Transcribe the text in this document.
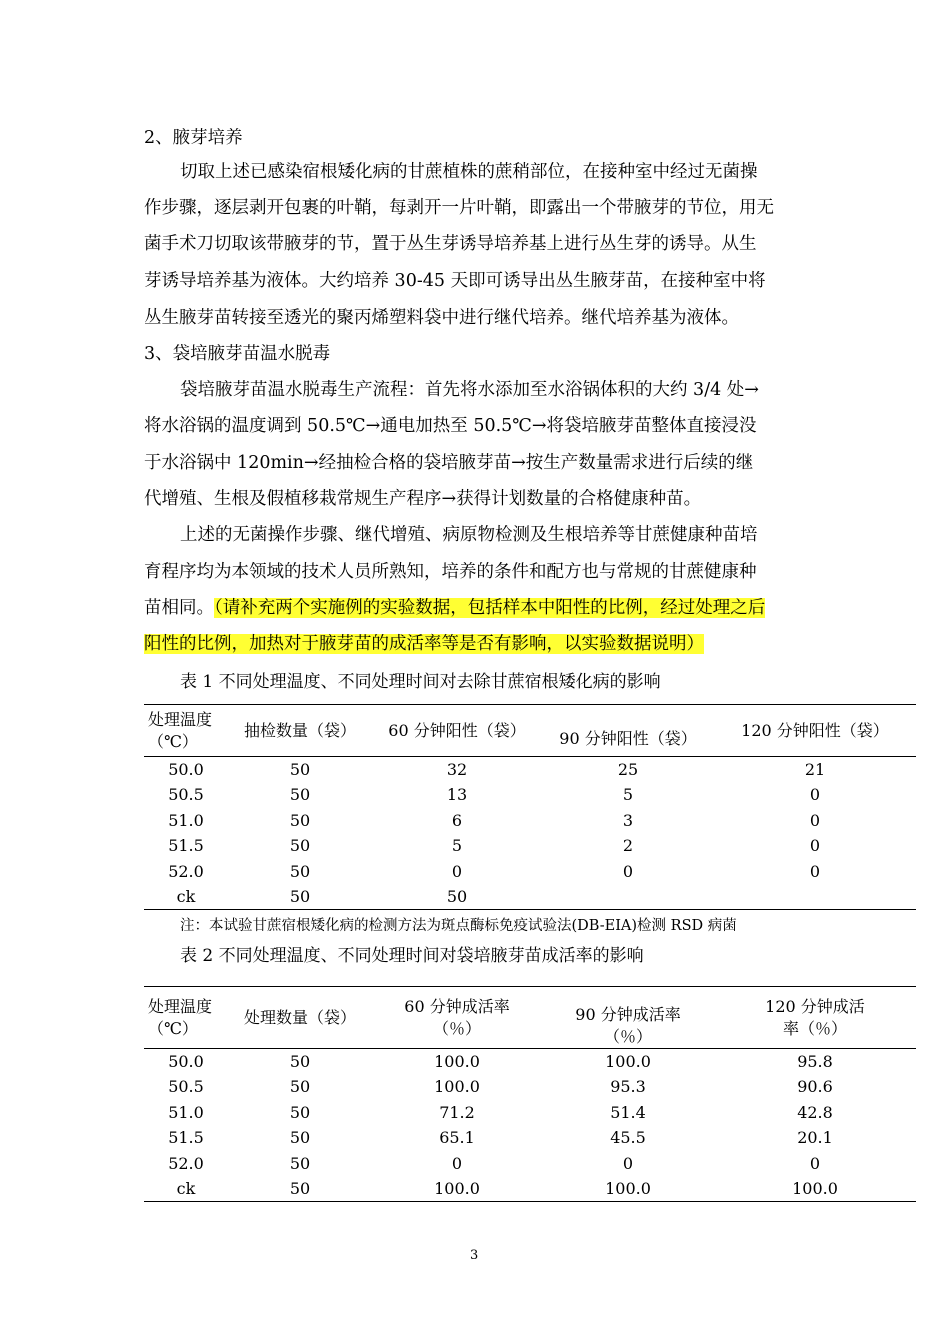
2、腋芽培养
切取上述已感染宿根矮化病的甘蔗植株的蔗稍部位，在接种室中经过无菌操
作步骤，逐层剥开包裹的叶鞘，每剥开一片叶鞘，即露出一个带腋芽的节位，用无
菌手术刀切取该带腋芽的节，置于丛生芽诱导培养基上进行丛生芽的诱导。从生
芽诱导培养基为液体。大约培养 30-45 天即可诱导出丛生腋芽苗，在接种室中将
丛生腋芽苗转接至透光的聚丙烯塑料袋中进行继代培养。继代培养基为液体。
3、袋培腋芽苗温水脱毒
袋培腋芽苗温水脱毒生产流程：首先将水添加至水浴锅体积的大约 3/4 处→
将水浴锅的温度调到 50.5℃→通电加热至 50.5℃→将袋培腋芽苗整体直接浸没
于水浴锅中 120min→经抽检合格的袋培腋芽苗→按生产数量需求进行后续的继
代增殖、生根及假植移栽常规生产程序→获得计划数量的合格健康种苗。
上述的无菌操作步骤、继代增殖、病原物检测及生根培养等甘蔗健康种苗培
育程序均为本领域的技术人员所熟知，培养的条件和配方也与常规的甘蔗健康种
苗相同。（请补充两个实施例的实验数据，包括样本中阳性的比例，经过处理之后
阳性的比例，加热对于腋芽苗的成活率等是否有影响，以实验数据说明）
表 1 不同处理温度、不同处理时间对去除甘蔗宿根矮化病的影响
处理温度（℃）	抽检数量（袋）	60 分钟阳性（袋）	90 分钟阳性（袋）	120 分钟阳性（袋）
50.0	50	32	25	21
50.5	50	13	5	0
51.0	50	6	3	0
51.5	50	5	2	0
52.0	50	0	0	0
ck	50	50		
注：本试验甘蔗宿根矮化病的检测方法为斑点酶标免疫试验法(DB-EIA)检测 RSD 病菌
表 2 不同处理温度、不同处理时间对袋培腋芽苗成活率的影响
处理温度（℃）	处理数量（袋）	60 分钟成活率（％）	90 分钟成活率（％）	120 分钟成活率（％）
50.0	50	100.0	100.0	95.8
50.5	50	100.0	95.3	90.6
51.0	50	71.2	51.4	42.8
51.5	50	65.1	45.5	20.1
52.0	50	0	0	0
ck	50	100.0	100.0	100.0
3
